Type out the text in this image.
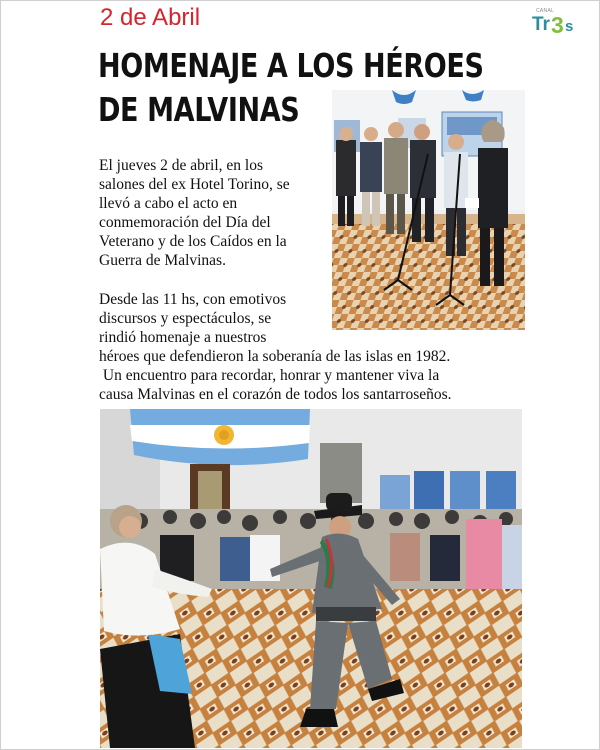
2 de Abril	CANAL
Tr 3 s
HOMENAJE A LOS HÉROES
DE MALVINAS

El jueves 2 de abril, en los
salones del ex Hotel Torino, se
llevó a cabo el acto en
conmemoración del Día del
Veterano y de los Caídos en la
Guerra de Malvinas.

Desde las 11 hs, con emotivos
discursos y espectáculos, se
rindió homenaje a nuestros
héroes que defendieron la soberanía de las islas en 1982.
Un encuentro para recordar, honrar y mantener viva la
causa Malvinas en el corazón de todos los santarroseños.
